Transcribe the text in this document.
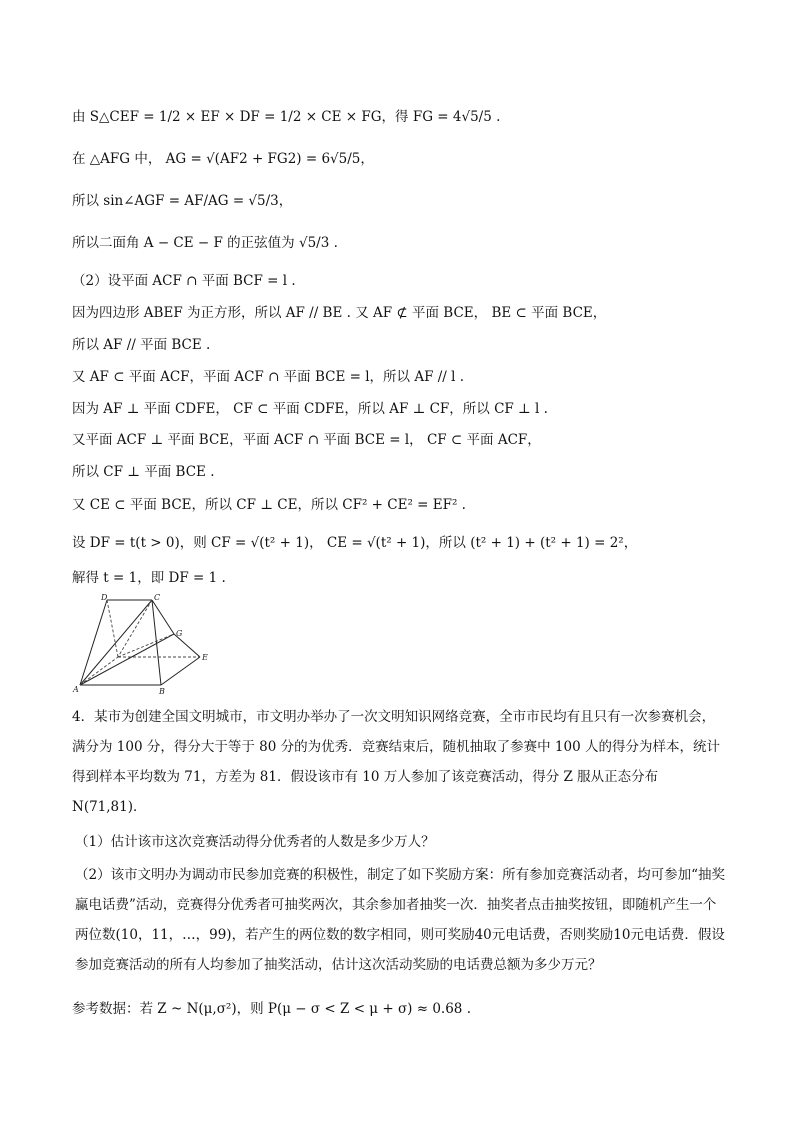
由 S△CEF = 1/2 × EF × DF = 1/2 × CE × FG，得 FG = 4√5/5 .
在 △AFG 中， AG = √(AF2 + FG2) = 6√5/5，
所以 sin∠AGF = AF/AG = √5/3，
所以二面角 A − CE − F 的正弦值为 √5/3 .
（2）设平面 ACF ∩ 平面 BCF = l .
因为四边形 ABEF 为正方形，所以 AF // BE . 又 AF ⊄ 平面 BCE， BE ⊂ 平面 BCE，
所以 AF // 平面 BCE .
又 AF ⊂ 平面 ACF，平面 ACF ∩ 平面 BCE = l，所以 AF // l .
因为 AF ⊥ 平面 CDFE， CF ⊂ 平面 CDFE，所以 AF ⊥ CF，所以 CF ⊥ l .
又平面 ACF ⊥ 平面 BCE，平面 ACF ∩ 平面 BCE = l， CF ⊂ 平面 ACF，
所以 CF ⊥ 平面 BCE .
又 CE ⊂ 平面 BCE，所以 CF ⊥ CE，所以 CF² + CE² = EF² .
设 DF = t(t > 0)，则 CF = √(t² + 1)， CE = √(t² + 1)，所以 (t² + 1) + (t² + 1) = 2²，
解得 t = 1，即 DF = 1 .
D	C
G
E
A	B
4．某市为创建全国文明城市，市文明办举办了一次文明知识网络竞赛，全市市民均有且只有一次参赛机会，满分为 100 分，得分大于等于 80 分的为优秀．竞赛结束后，随机抽取了参赛中 100 人的得分为样本，统计得到样本平均数为 71，方差为 81．假设该市有 10 万人参加了该竞赛活动，得分 Z 服从正态分布 N(71,81)．
（1）估计该市这次竞赛活动得分优秀者的人数是多少万人？
（2）该市文明办为调动市民参加竞赛的积极性，制定了如下奖励方案：所有参加竞赛活动者，均可参加“抽奖赢电话费”活动，竞赛得分优秀者可抽奖两次，其余参加者抽奖一次．抽奖者点击抽奖按钮，即随机产生一个两位数(10，11，…，99)，若产生的两位数的数字相同，则可奖励40元电话费，否则奖励10元电话费．假设参加竞赛活动的所有人均参加了抽奖活动，估计这次活动奖励的电话费总额为多少万元？
参考数据：若 Z ~ N(μ,σ²)，则 P(μ − σ < Z < μ + σ) ≈ 0.68 .
